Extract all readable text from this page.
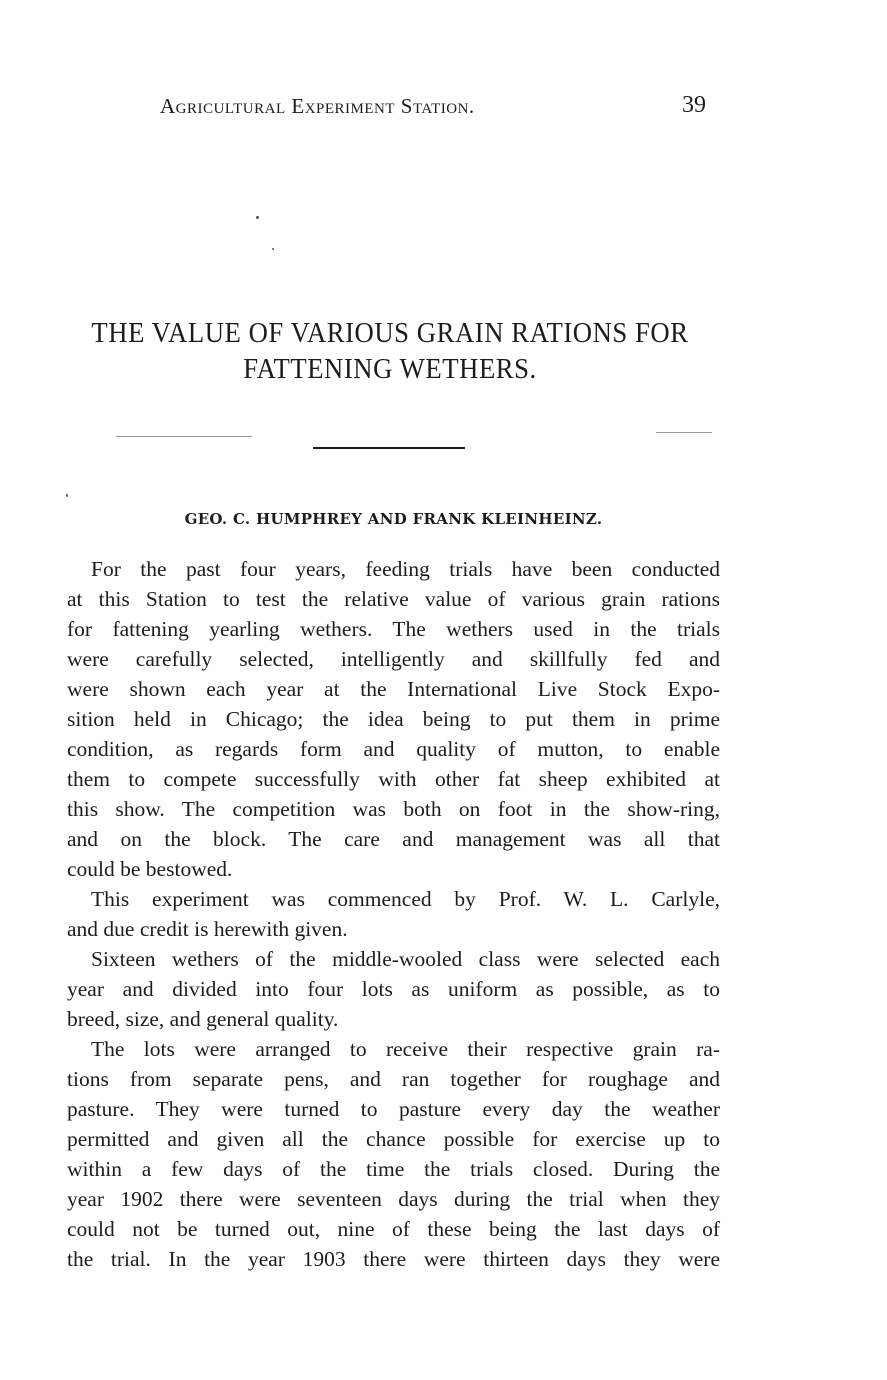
Agricultural Experiment Station.	39
THE VALUE OF VARIOUS GRAIN RATIONS FOR
FATTENING WETHERS.
GEO. C. HUMPHREY AND FRANK KLEINHEINZ.
For the past four years, feeding trials have been conducted
at this Station to test the relative value of various grain rations
for fattening yearling wethers. The wethers used in the trials
were carefully selected, intelligently and skillfully fed and
were shown each year at the International Live Stock Expo-
sition held in Chicago; the idea being to put them in prime
condition, as regards form and quality of mutton, to enable
them to compete successfully with other fat sheep exhibited at
this show. The competition was both on foot in the show-ring,
and on the block. The care and management was all that
could be bestowed.
This experiment was commenced by Prof. W. L. Carlyle,
and due credit is herewith given.
Sixteen wethers of the middle-wooled class were selected each
year and divided into four lots as uniform as possible, as to
breed, size, and general quality.
The lots were arranged to receive their respective grain ra-
tions from separate pens, and ran together for roughage and
pasture. They were turned to pasture every day the weather
permitted and given all the chance possible for exercise up to
within a few days of the time the trials closed. During the
year 1902 there were seventeen days during the trial when they
could not be turned out, nine of these being the last days of
the trial. In the year 1903 there were thirteen days they were
